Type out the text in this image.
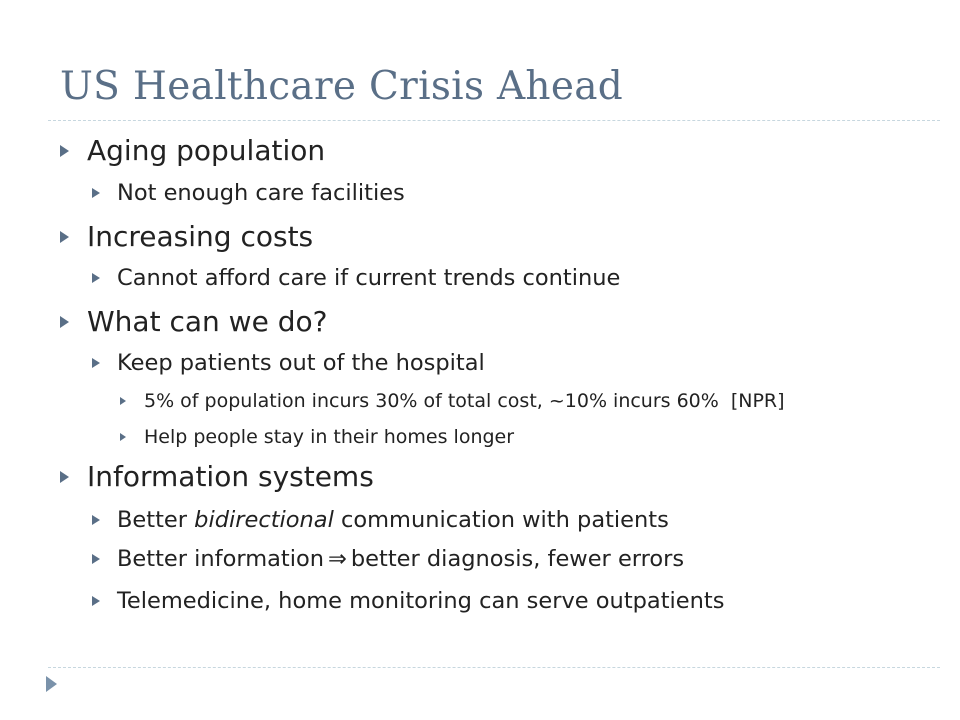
US Healthcare Crisis Ahead
Aging population
Not enough care facilities
Increasing costs
Cannot afford care if current trends continue
What can we do?
Keep patients out of the hospital
5% of population incurs 30% of total cost, ~10% incurs 60% [NPR]
Help people stay in their homes longer
Information systems
Better bidirectional communication with patients
Better information ⇒ better diagnosis, fewer errors
Telemedicine, home monitoring can serve outpatients
